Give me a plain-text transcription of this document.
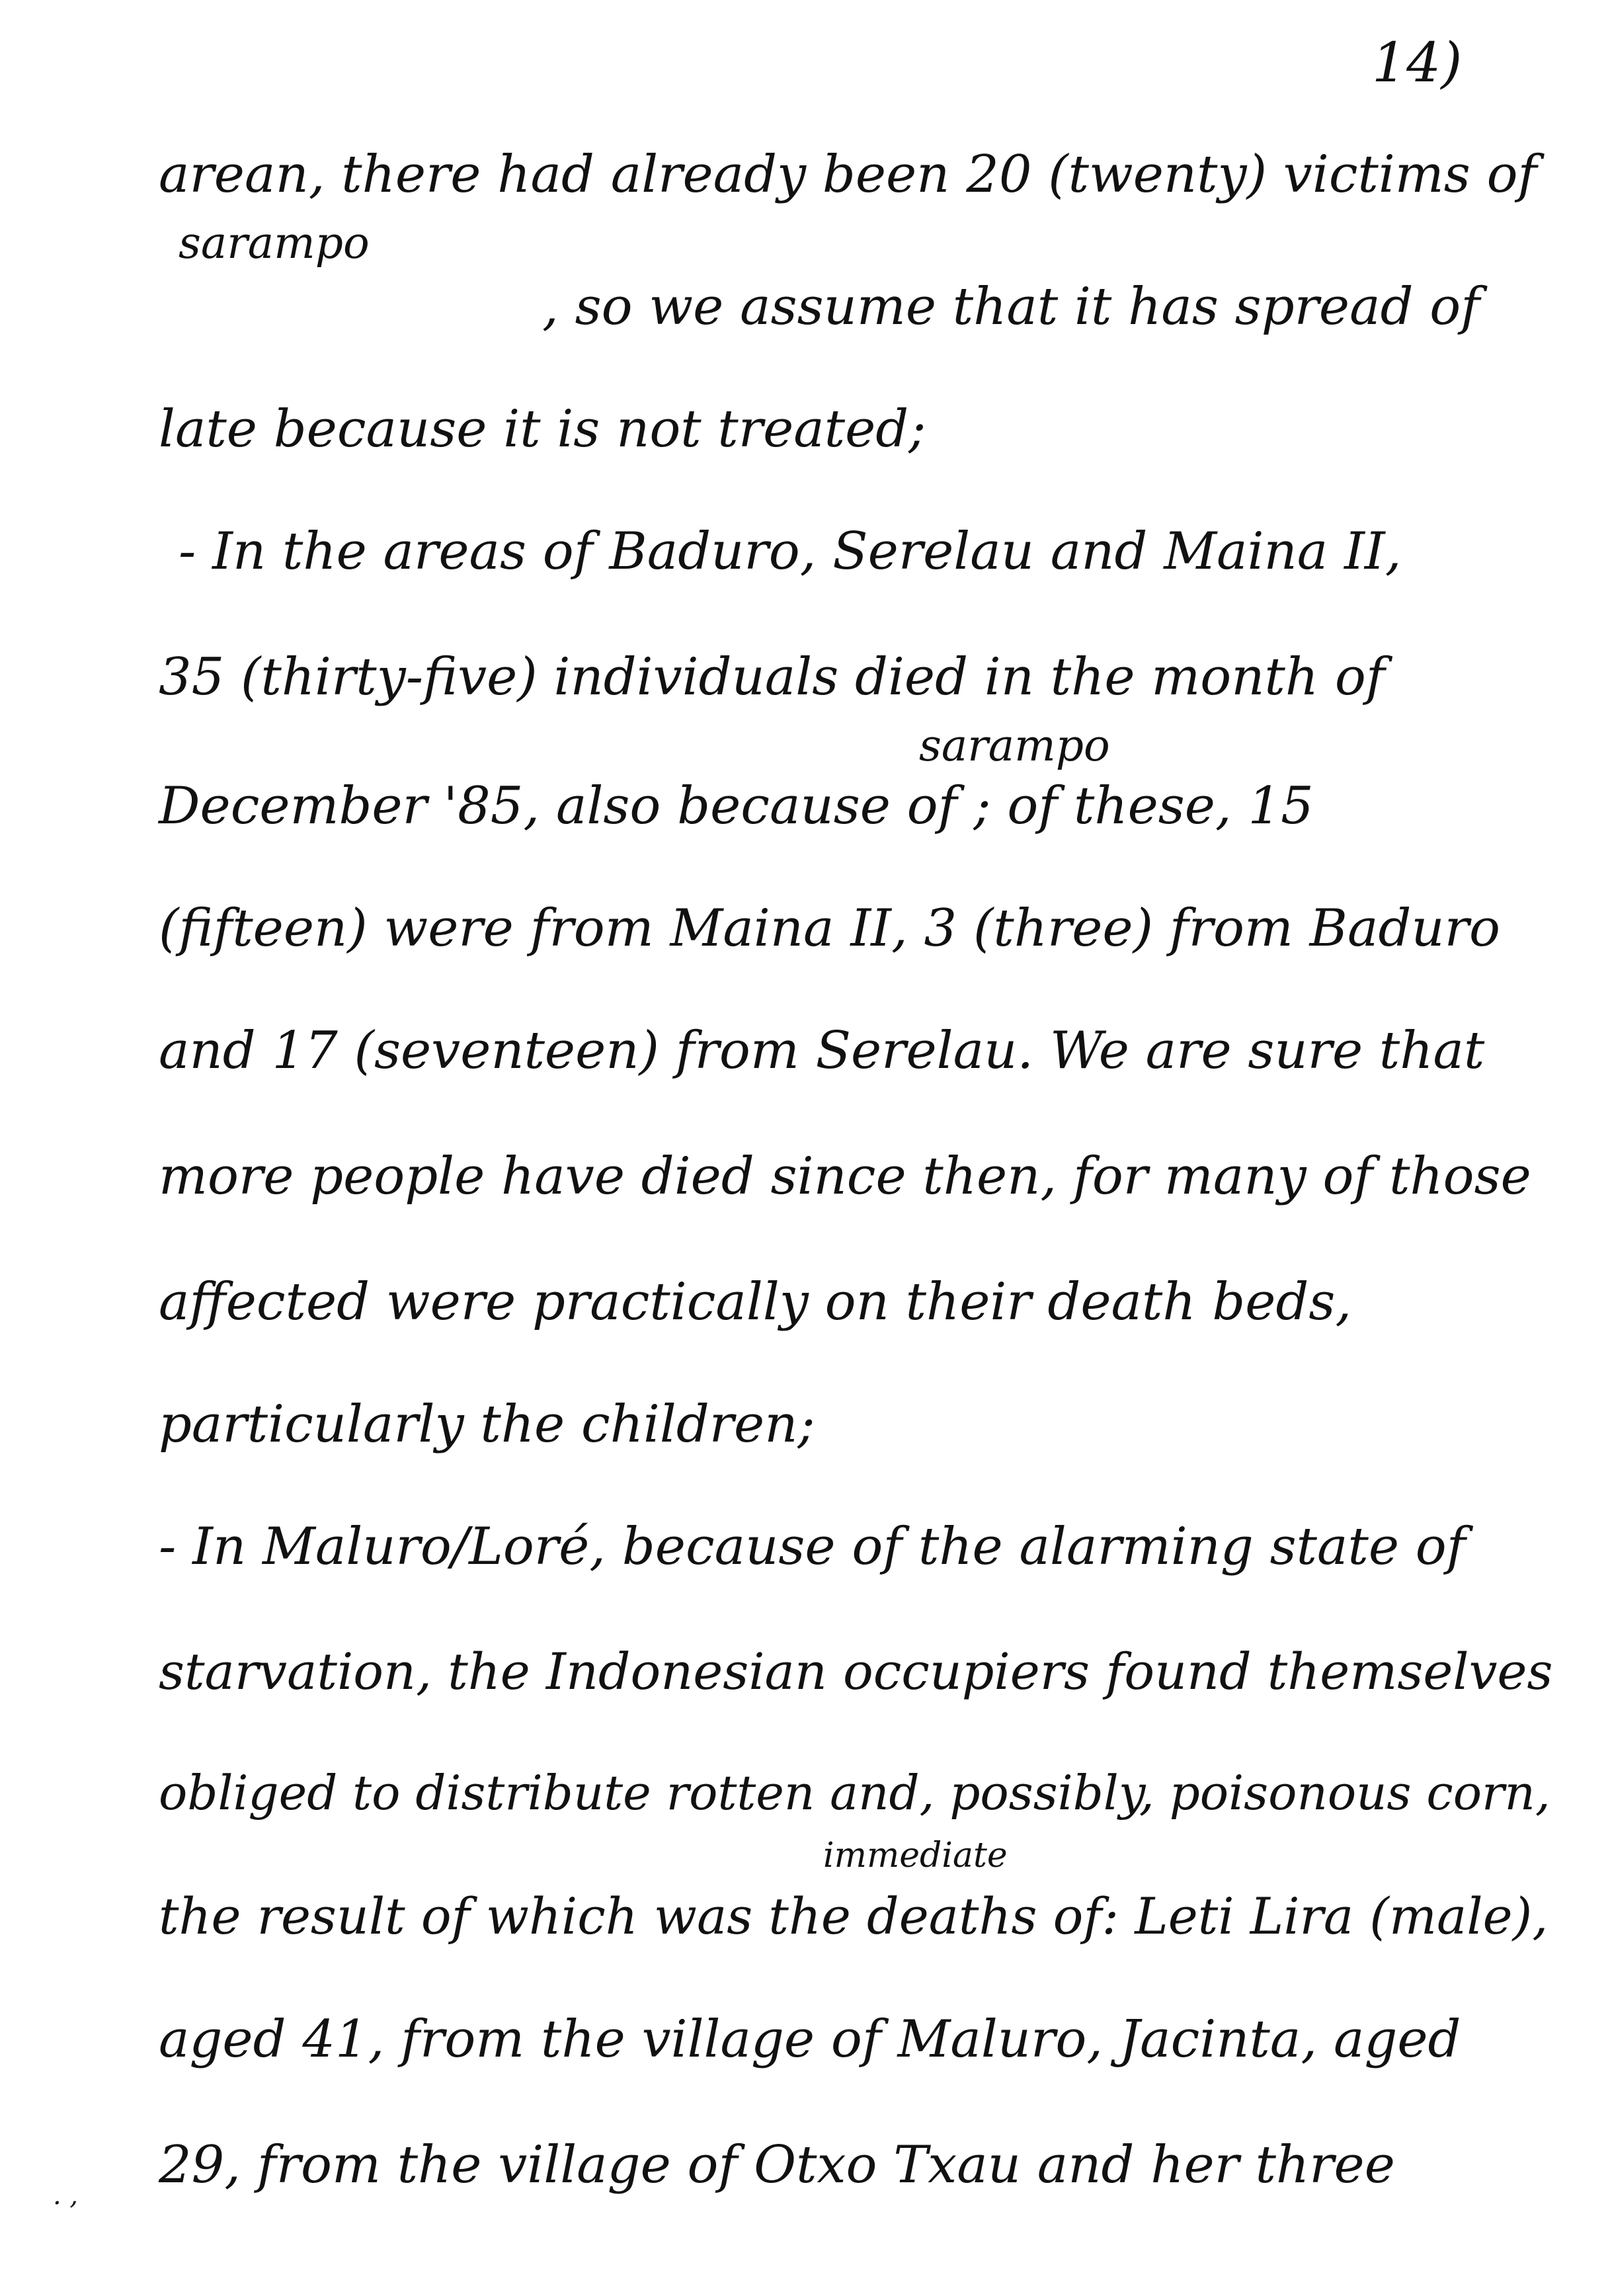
14)
arean, there had already been 20 (twenty) victims of
sarampo
, so we assume that it has spread of
late because it is not treated;
- In the areas of Baduro, Serelau and Maina II,
35 (thirty-five) individuals died in the month of
sarampo
December '85, also because of ; of these, 15
(fifteen) were from Maina II, 3 (three) from Baduro
and 17 (seventeen) from Serelau. We are sure that
more people have died since then, for many of those
affected were practically on their death beds,
particularly the children;
- In Maluro/Loré, because of the alarming state of
starvation, the Indonesian occupiers found themselves
obliged to distribute rotten and, possibly, poisonous corn,
immediate
the result of which was the deaths of: Leti Lira (male),
aged 41, from the village of Maluro, Jacinta, aged
29, from the village of Otxo Txau and her three
. ,
